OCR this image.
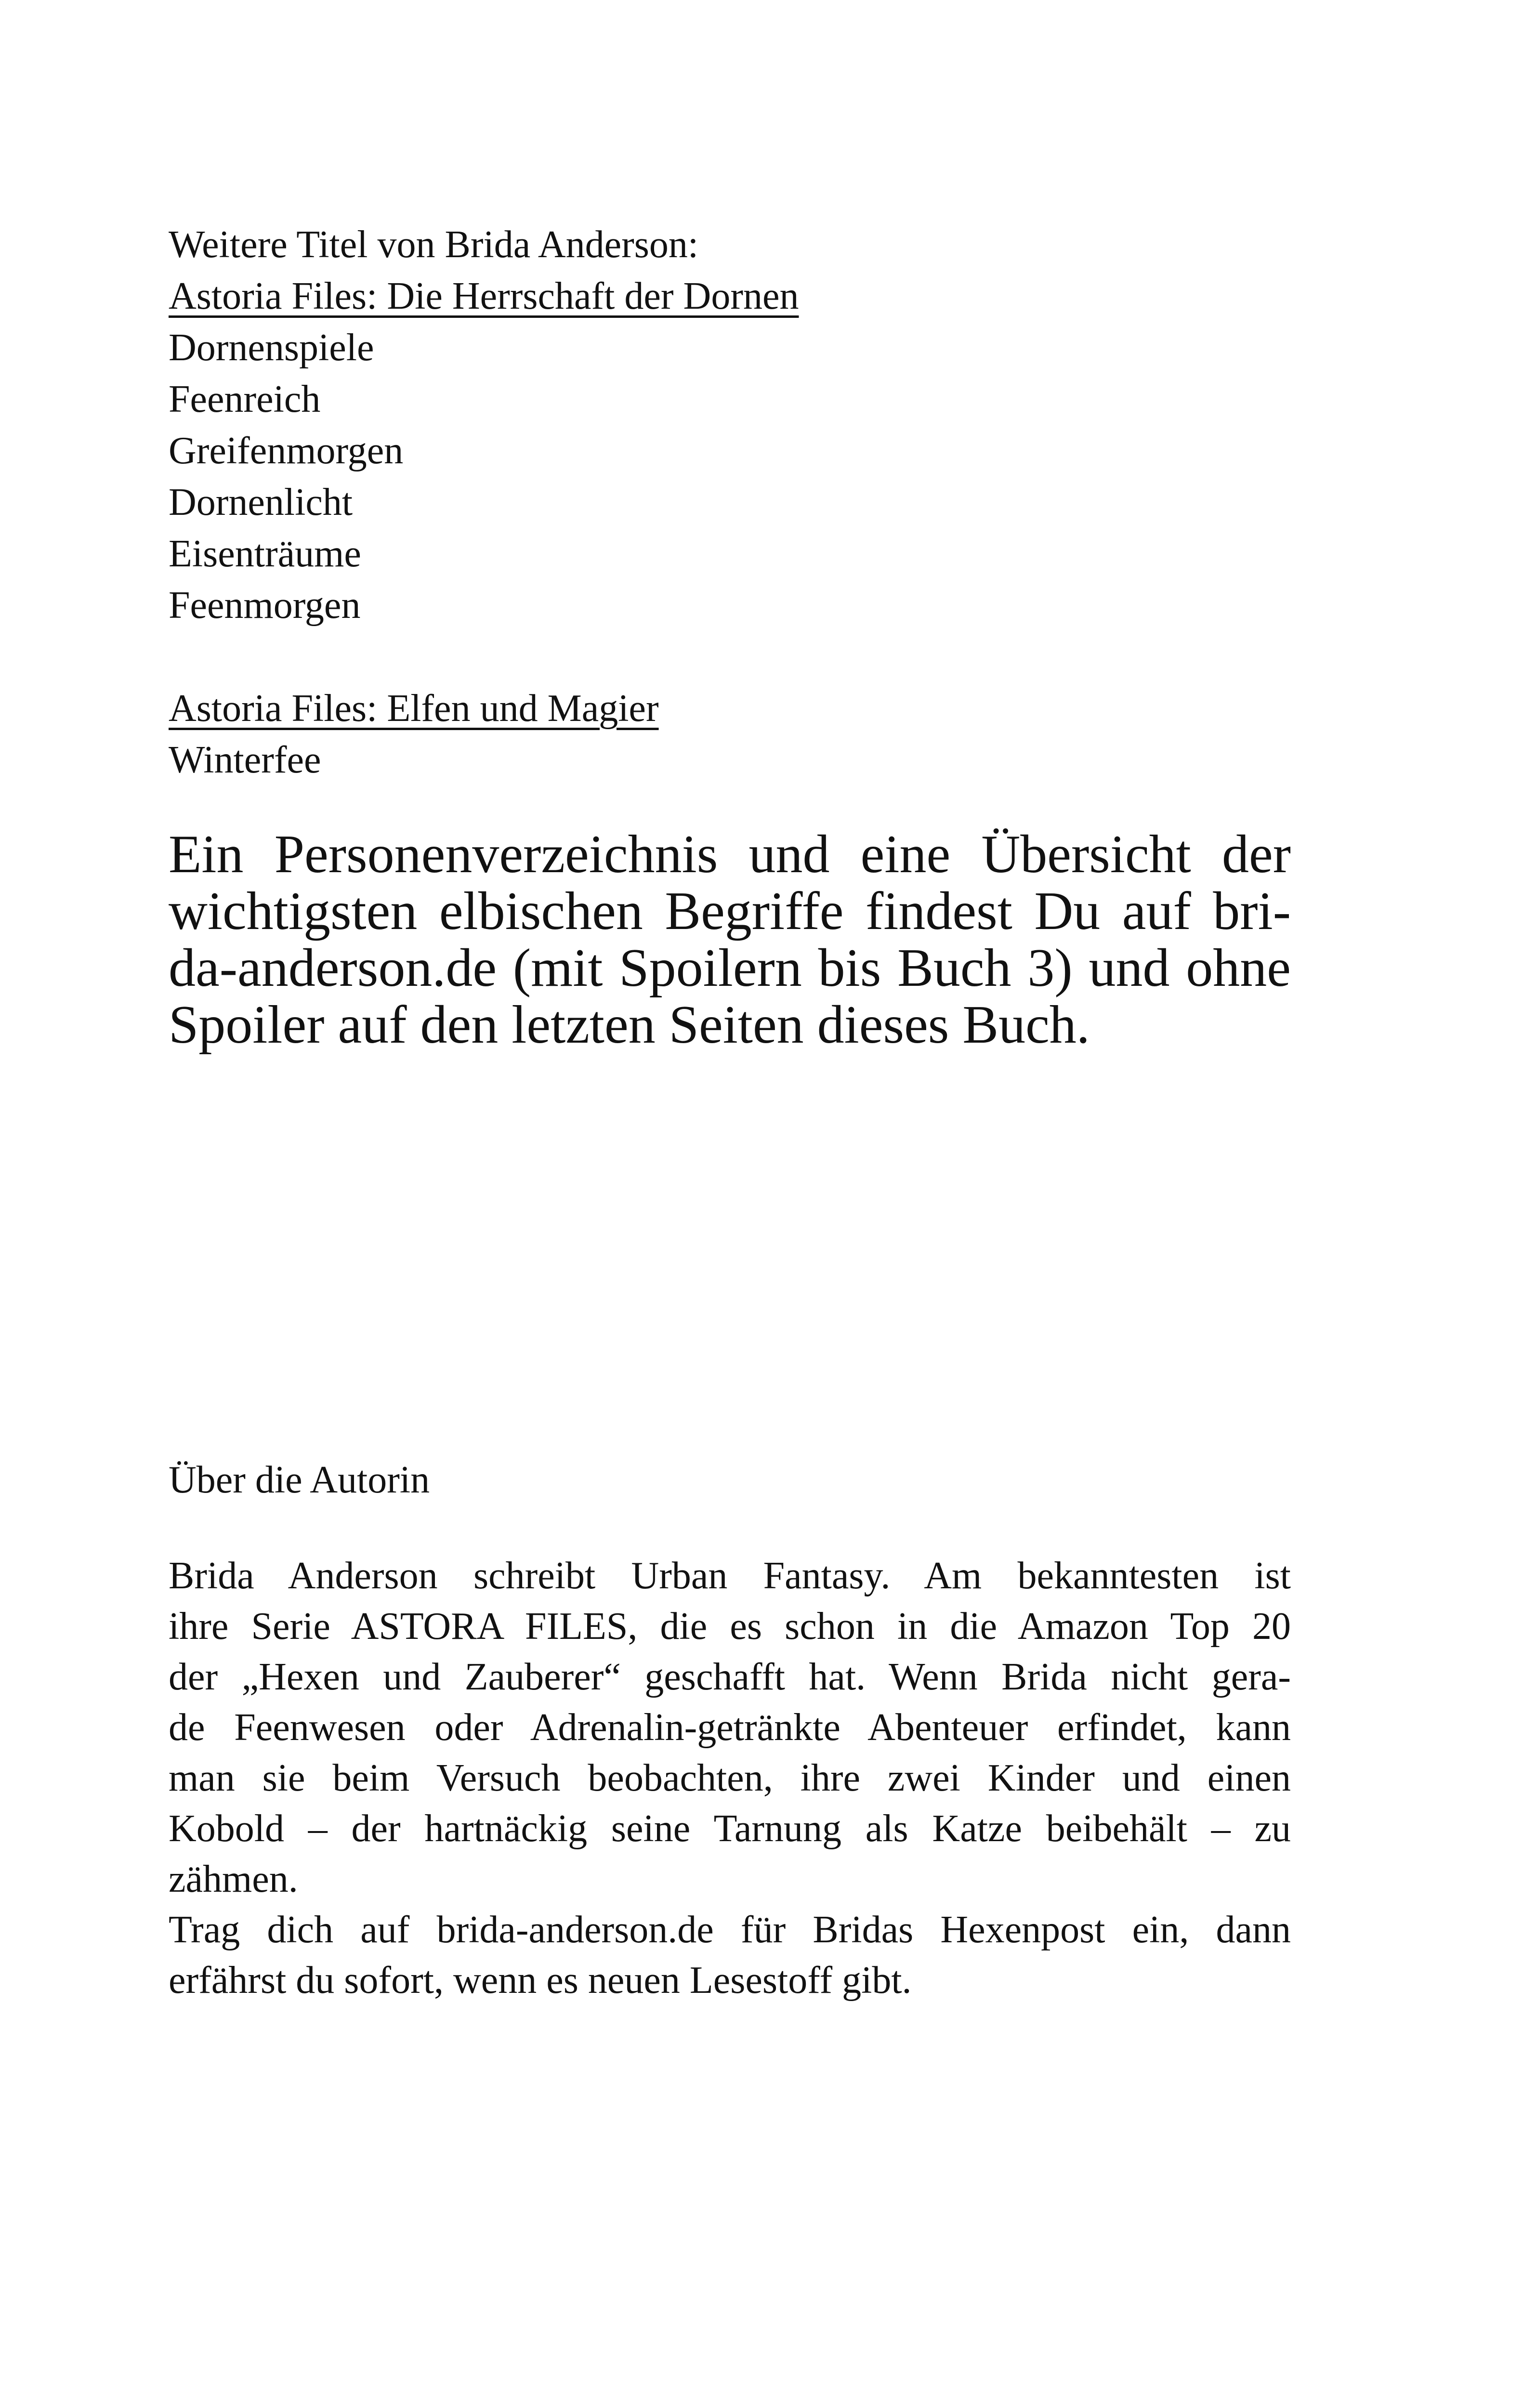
Weitere Titel von Brida Anderson:
Astoria Files: Die Herrschaft der Dornen
Dornenspiele
Feenreich
Greifenmorgen
Dornenlicht
Eisenträume
Feenmorgen
Astoria Files: Elfen und Magier
Winterfee
Ein Personenverzeichnis und eine Übersicht der
wichtigsten elbischen Begriffe findest Du auf bri-
da-anderson.de (mit Spoilern bis Buch 3) und ohne
Spoiler auf den letzten Seiten dieses Buch.
Über die Autorin
Brida Anderson schreibt Urban Fantasy. Am bekanntesten ist
ihre Serie ASTORA FILES, die es schon in die Amazon Top 20
der „Hexen und Zauberer“ geschafft hat. Wenn Brida nicht gera-
de Feenwesen oder Adrenalin-getränkte Abenteuer erfindet, kann
man sie beim Versuch beobachten, ihre zwei Kinder und einen
Kobold – der hartnäckig seine Tarnung als Katze beibehält – zu
zähmen.
Trag dich auf brida-anderson.de für Bridas Hexenpost ein, dann
erfährst du sofort, wenn es neuen Lesestoff gibt.
